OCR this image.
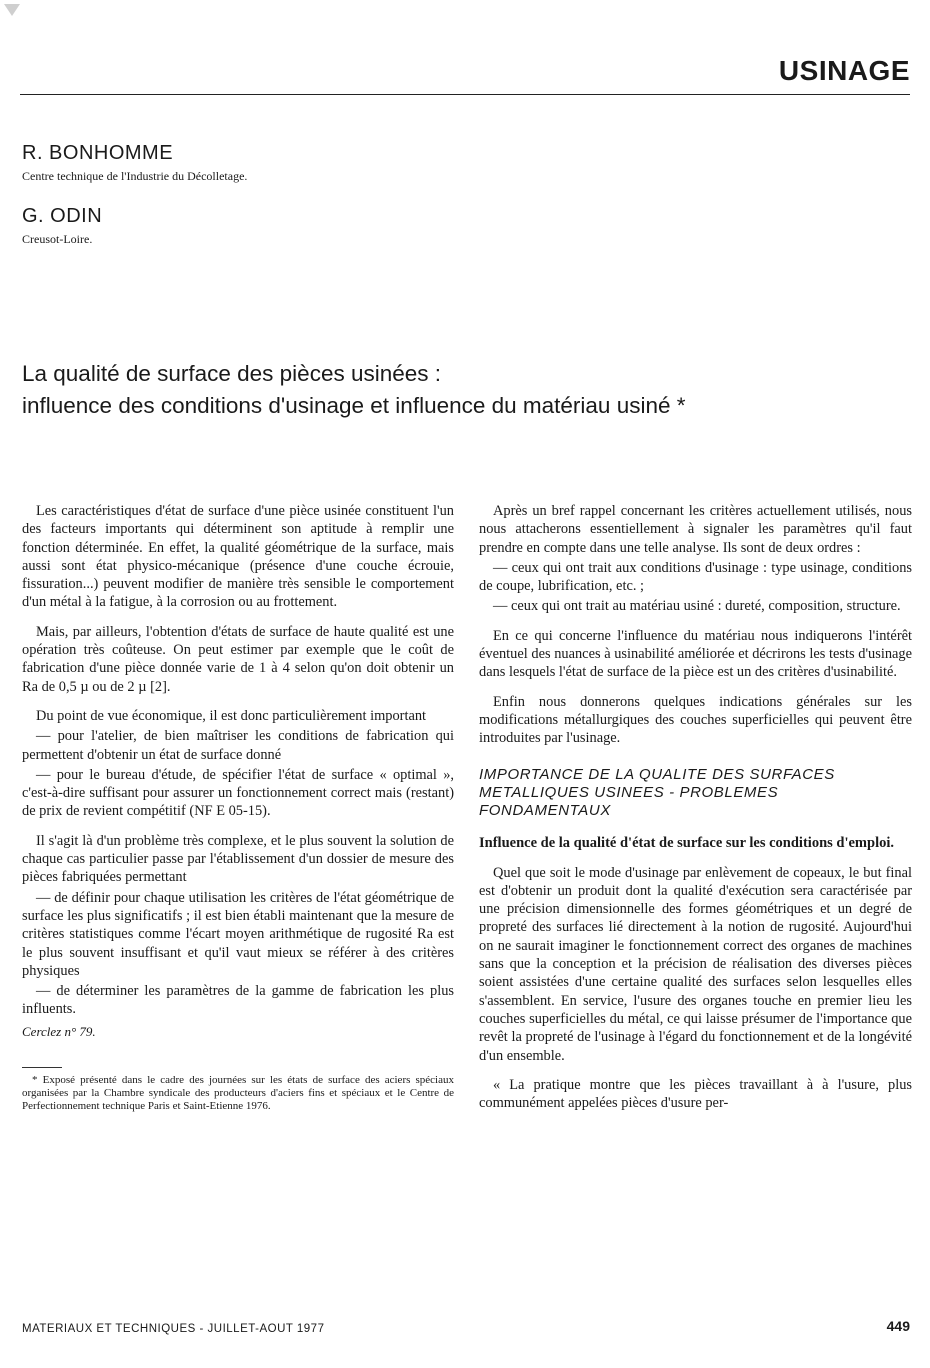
USINAGE
R. BONHOMME
Centre technique de l'Industrie du Décolletage.
G. ODIN
Creusot-Loire.
La qualité de surface des pièces usinées :
influence des conditions d'usinage et influence du matériau usiné *

Les caractéristiques d'état de surface d'une pièce usinée constituent l'un des facteurs importants qui déterminent son aptitude à remplir une fonction déterminée. En effet, la qualité géométrique de la surface, mais aussi sont état physico-mécanique (présence d'une couche écrouie, fissuration...) peuvent modifier de manière très sensible le comportement d'un métal à la fatigue, à la corrosion ou au frottement.

Mais, par ailleurs, l'obtention d'états de surface de haute qualité est une opération très coûteuse. On peut estimer par exemple que le coût de fabrication d'une pièce donnée varie de 1 à 4 selon qu'on doit obtenir un Ra de 0,5 µ ou de 2 µ [2].

Du point de vue économique, il est donc particulièrement important

— pour l'atelier, de bien maîtriser les conditions de fabrication qui permettent d'obtenir un état de surface donné

— pour le bureau d'étude, de spécifier l'état de surface « optimal », c'est-à-dire suffisant pour assurer un fonctionnement correct mais (restant) de prix de revient compétitif (NF E 05-15).

Il s'agit là d'un problème très complexe, et le plus souvent la solution de chaque cas particulier passe par l'établissement d'un dossier de mesure des pièces fabriquées permettant

— de définir pour chaque utilisation les critères de l'état géométrique de surface les plus significatifs ; il est bien établi maintenant que la mesure de critères statistiques comme l'écart moyen arithmétique de rugosité Ra est le plus souvent insuffisant et qu'il vaut mieux se référer à des critères physiques

— de déterminer les paramètres de la gamme de fabrication les plus influents.

Cerclez n° 79.
* Exposé présenté dans le cadre des journées sur les états de surface des aciers spéciaux organisées par la Chambre syndicale des producteurs d'aciers fins et spéciaux et le Centre de Perfectionnement technique Paris et Saint-Etienne 1976.

Après un bref rappel concernant les critères actuellement utilisés, nous nous attacherons essentiellement à signaler les paramètres qu'il faut prendre en compte dans une telle analyse. Ils sont de deux ordres :

— ceux qui ont trait aux conditions d'usinage : type usinage, conditions de coupe, lubrification, etc. ;

— ceux qui ont trait au matériau usiné : dureté, composition, structure.

En ce qui concerne l'influence du matériau nous indiquerons l'intérêt éventuel des nuances à usinabilité améliorée et décrirons les tests d'usinage dans lesquels l'état de surface de la pièce est un des critères d'usinabilité.

Enfin nous donnerons quelques indications générales sur les modifications métallurgiques des couches superficielles qui peuvent être introduites par l'usinage.

IMPORTANCE DE LA QUALITE DES SURFACES METALLIQUES USINEES - PROBLEMES FONDAMENTAUX
Influence de la qualité d'état de surface sur les conditions d'emploi.

Quel que soit le mode d'usinage par enlèvement de copeaux, le but final est d'obtenir un produit dont la qualité d'exécution sera caractérisée par une précision dimensionnelle des formes géométriques et un degré de propreté des surfaces lié directement à la notion de rugosité. Aujourd'hui on ne saurait imaginer le fonctionnement correct des organes de machines sans que la conception et la précision de réalisation des diverses pièces soient assistées d'une certaine qualité des surfaces selon lesquelles elles s'assemblent. En service, l'usure des organes touche en premier lieu les couches superficielles du métal, ce qui laisse présumer de l'importance que revêt la propreté de l'usinage à l'égard du fonctionnement et de la longévité d'un ensemble.

« La pratique montre que les pièces travaillant à à l'usure, plus communément appelées pièces d'usure per-

MATERIAUX ET TECHNIQUES - JUILLET-AOUT 1977	449
